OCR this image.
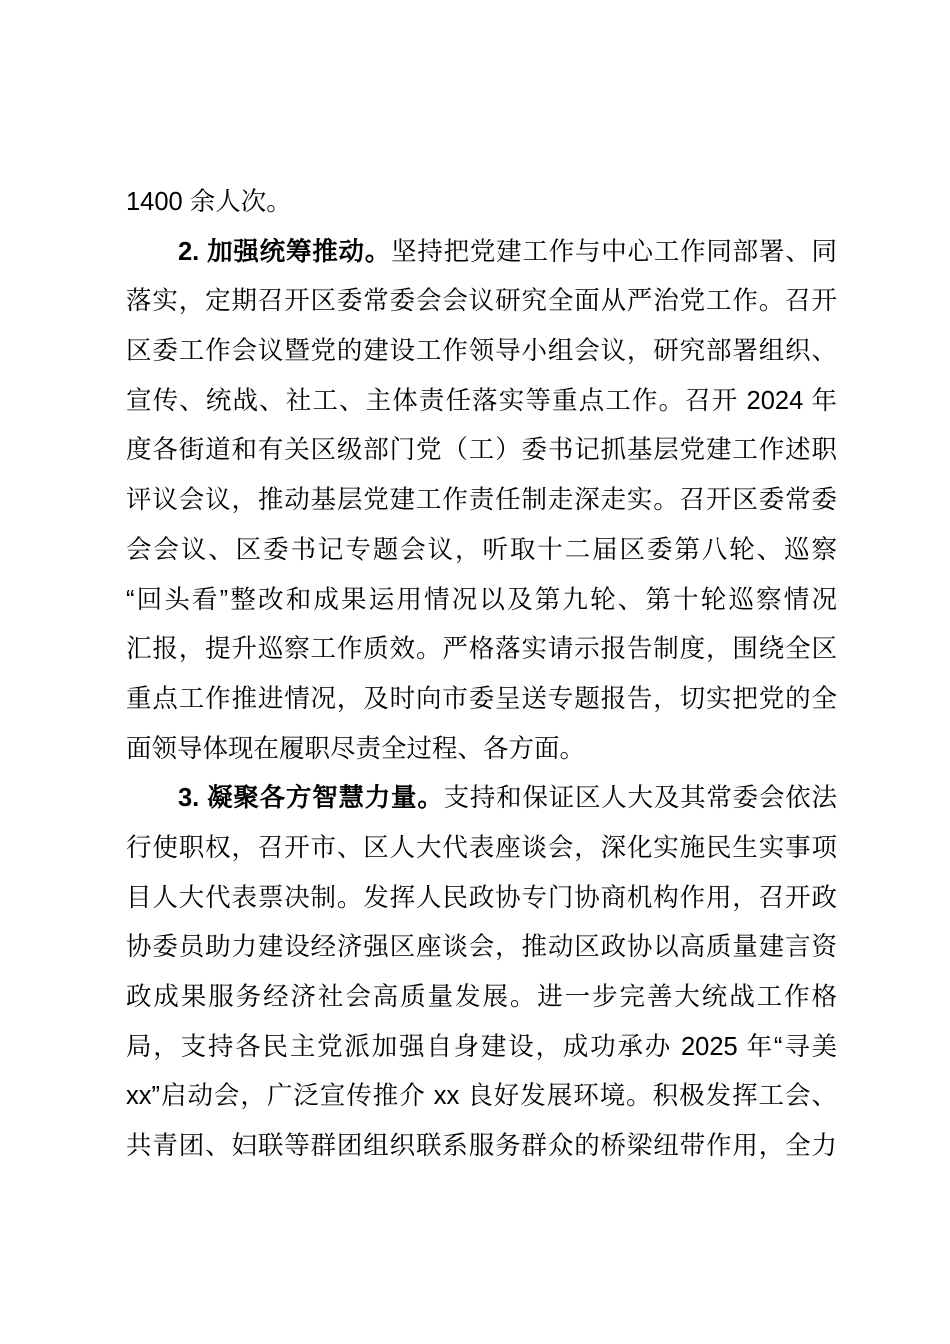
1400 余人次。
2. 加强统筹推动。坚持把党建工作与中心工作同部署、同
落实，定期召开区委常委会会议研究全面从严治党工作。召开
区委工作会议暨党的建设工作领导小组会议，研究部署组织、
宣传、统战、社工、主体责任落实等重点工作。召开 2024 年
度各街道和有关区级部门党（工）委书记抓基层党建工作述职
评议会议，推动基层党建工作责任制走深走实。召开区委常委
会会议、区委书记专题会议，听取十二届区委第八轮、巡察
“回头看”整改和成果运用情况以及第九轮、第十轮巡察情况
汇报，提升巡察工作质效。严格落实请示报告制度，围绕全区
重点工作推进情况，及时向市委呈送专题报告，切实把党的全
面领导体现在履职尽责全过程、各方面。
3. 凝聚各方智慧力量。支持和保证区人大及其常委会依法
行使职权，召开市、区人大代表座谈会，深化实施民生实事项
目人大代表票决制。发挥人民政协专门协商机构作用，召开政
协委员助力建设经济强区座谈会，推动区政协以高质量建言资
政成果服务经济社会高质量发展。进一步完善大统战工作格
局，支持各民主党派加强自身建设，成功承办 2025 年“寻美
xx”启动会，广泛宣传推介 xx 良好发展环境。积极发挥工会、
共青团、妇联等群团组织联系服务群众的桥梁纽带作用，全力
